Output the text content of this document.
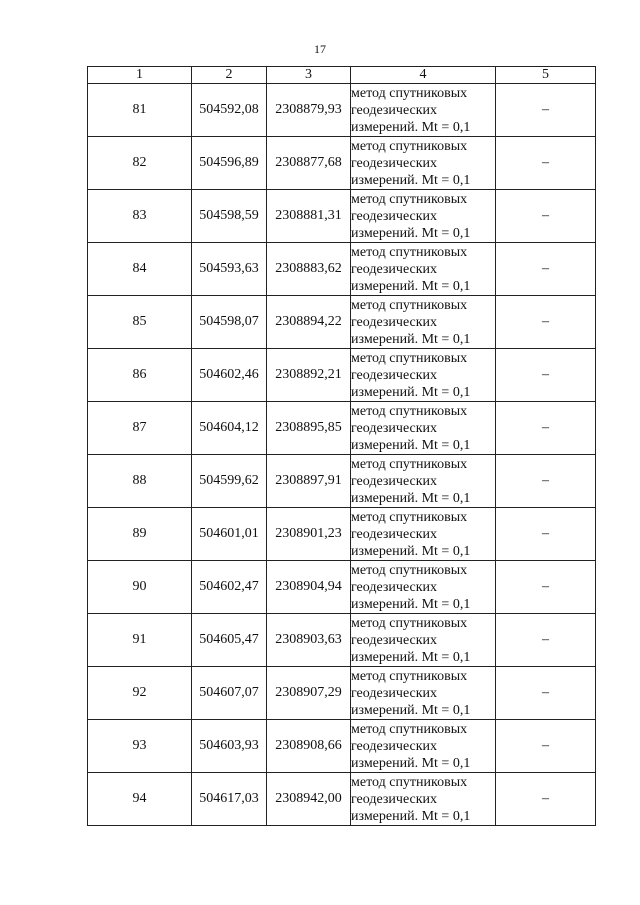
17
1	2	3	4	5
81	504592,08	2308879,93	метод спутниковых
геодезических
измерений. Mt = 0,1	–
82	504596,89	2308877,68	метод спутниковых
геодезических
измерений. Mt = 0,1	–
83	504598,59	2308881,31	метод спутниковых
геодезических
измерений. Mt = 0,1	–
84	504593,63	2308883,62	метод спутниковых
геодезических
измерений. Mt = 0,1	–
85	504598,07	2308894,22	метод спутниковых
геодезических
измерений. Mt = 0,1	–
86	504602,46	2308892,21	метод спутниковых
геодезических
измерений. Mt = 0,1	–
87	504604,12	2308895,85	метод спутниковых
геодезических
измерений. Mt = 0,1	–
88	504599,62	2308897,91	метод спутниковых
геодезических
измерений. Mt = 0,1	–
89	504601,01	2308901,23	метод спутниковых
геодезических
измерений. Mt = 0,1	–
90	504602,47	2308904,94	метод спутниковых
геодезических
измерений. Mt = 0,1	–
91	504605,47	2308903,63	метод спутниковых
геодезических
измерений. Mt = 0,1	–
92	504607,07	2308907,29	метод спутниковых
геодезических
измерений. Mt = 0,1	–
93	504603,93	2308908,66	метод спутниковых
геодезических
измерений. Mt = 0,1	–
94	504617,03	2308942,00	метод спутниковых
геодезических
измерений. Mt = 0,1	–
